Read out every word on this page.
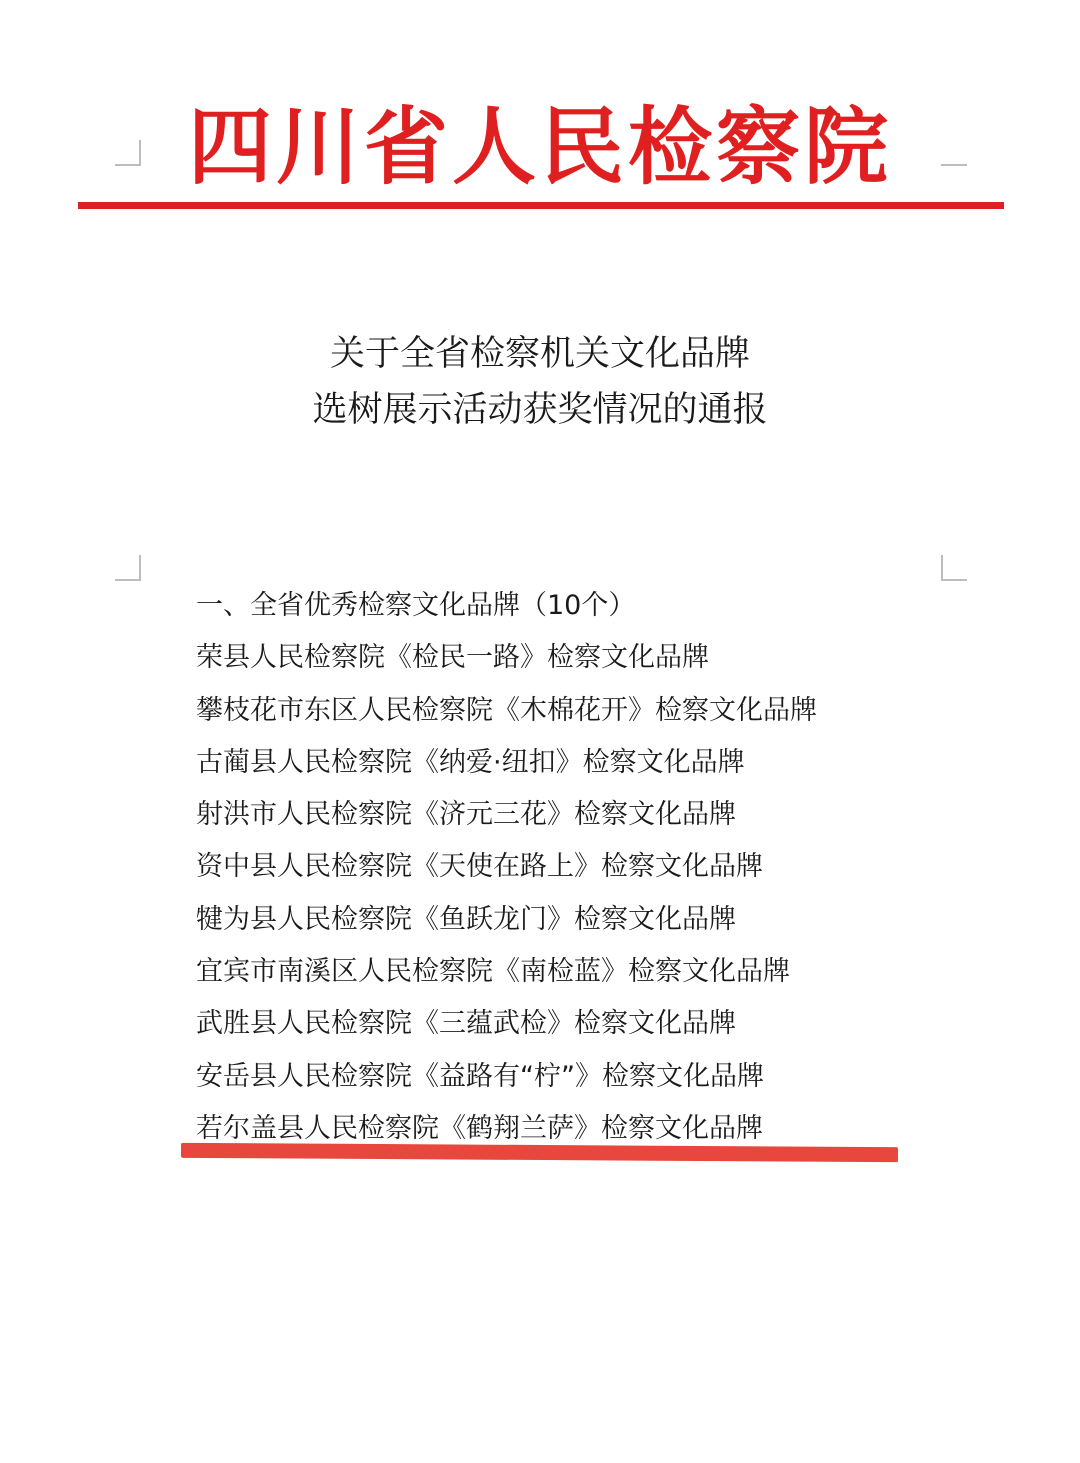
四川省人民检察院
关于全省检察机关文化品牌
选树展示活动获奖情况的通报
一、全省优秀检察文化品牌（10个）
荣县人民检察院《检民一路》检察文化品牌
攀枝花市东区人民检察院《木棉花开》检察文化品牌
古蔺县人民检察院《纳爱·纽扣》检察文化品牌
射洪市人民检察院《济元三花》检察文化品牌
资中县人民检察院《天使在路上》检察文化品牌
犍为县人民检察院《鱼跃龙门》检察文化品牌
宜宾市南溪区人民检察院《南检蓝》检察文化品牌
武胜县人民检察院《三蕴武检》检察文化品牌
安岳县人民检察院《益路有“柠”》检察文化品牌
若尔盖县人民检察院《鹤翔兰萨》检察文化品牌
